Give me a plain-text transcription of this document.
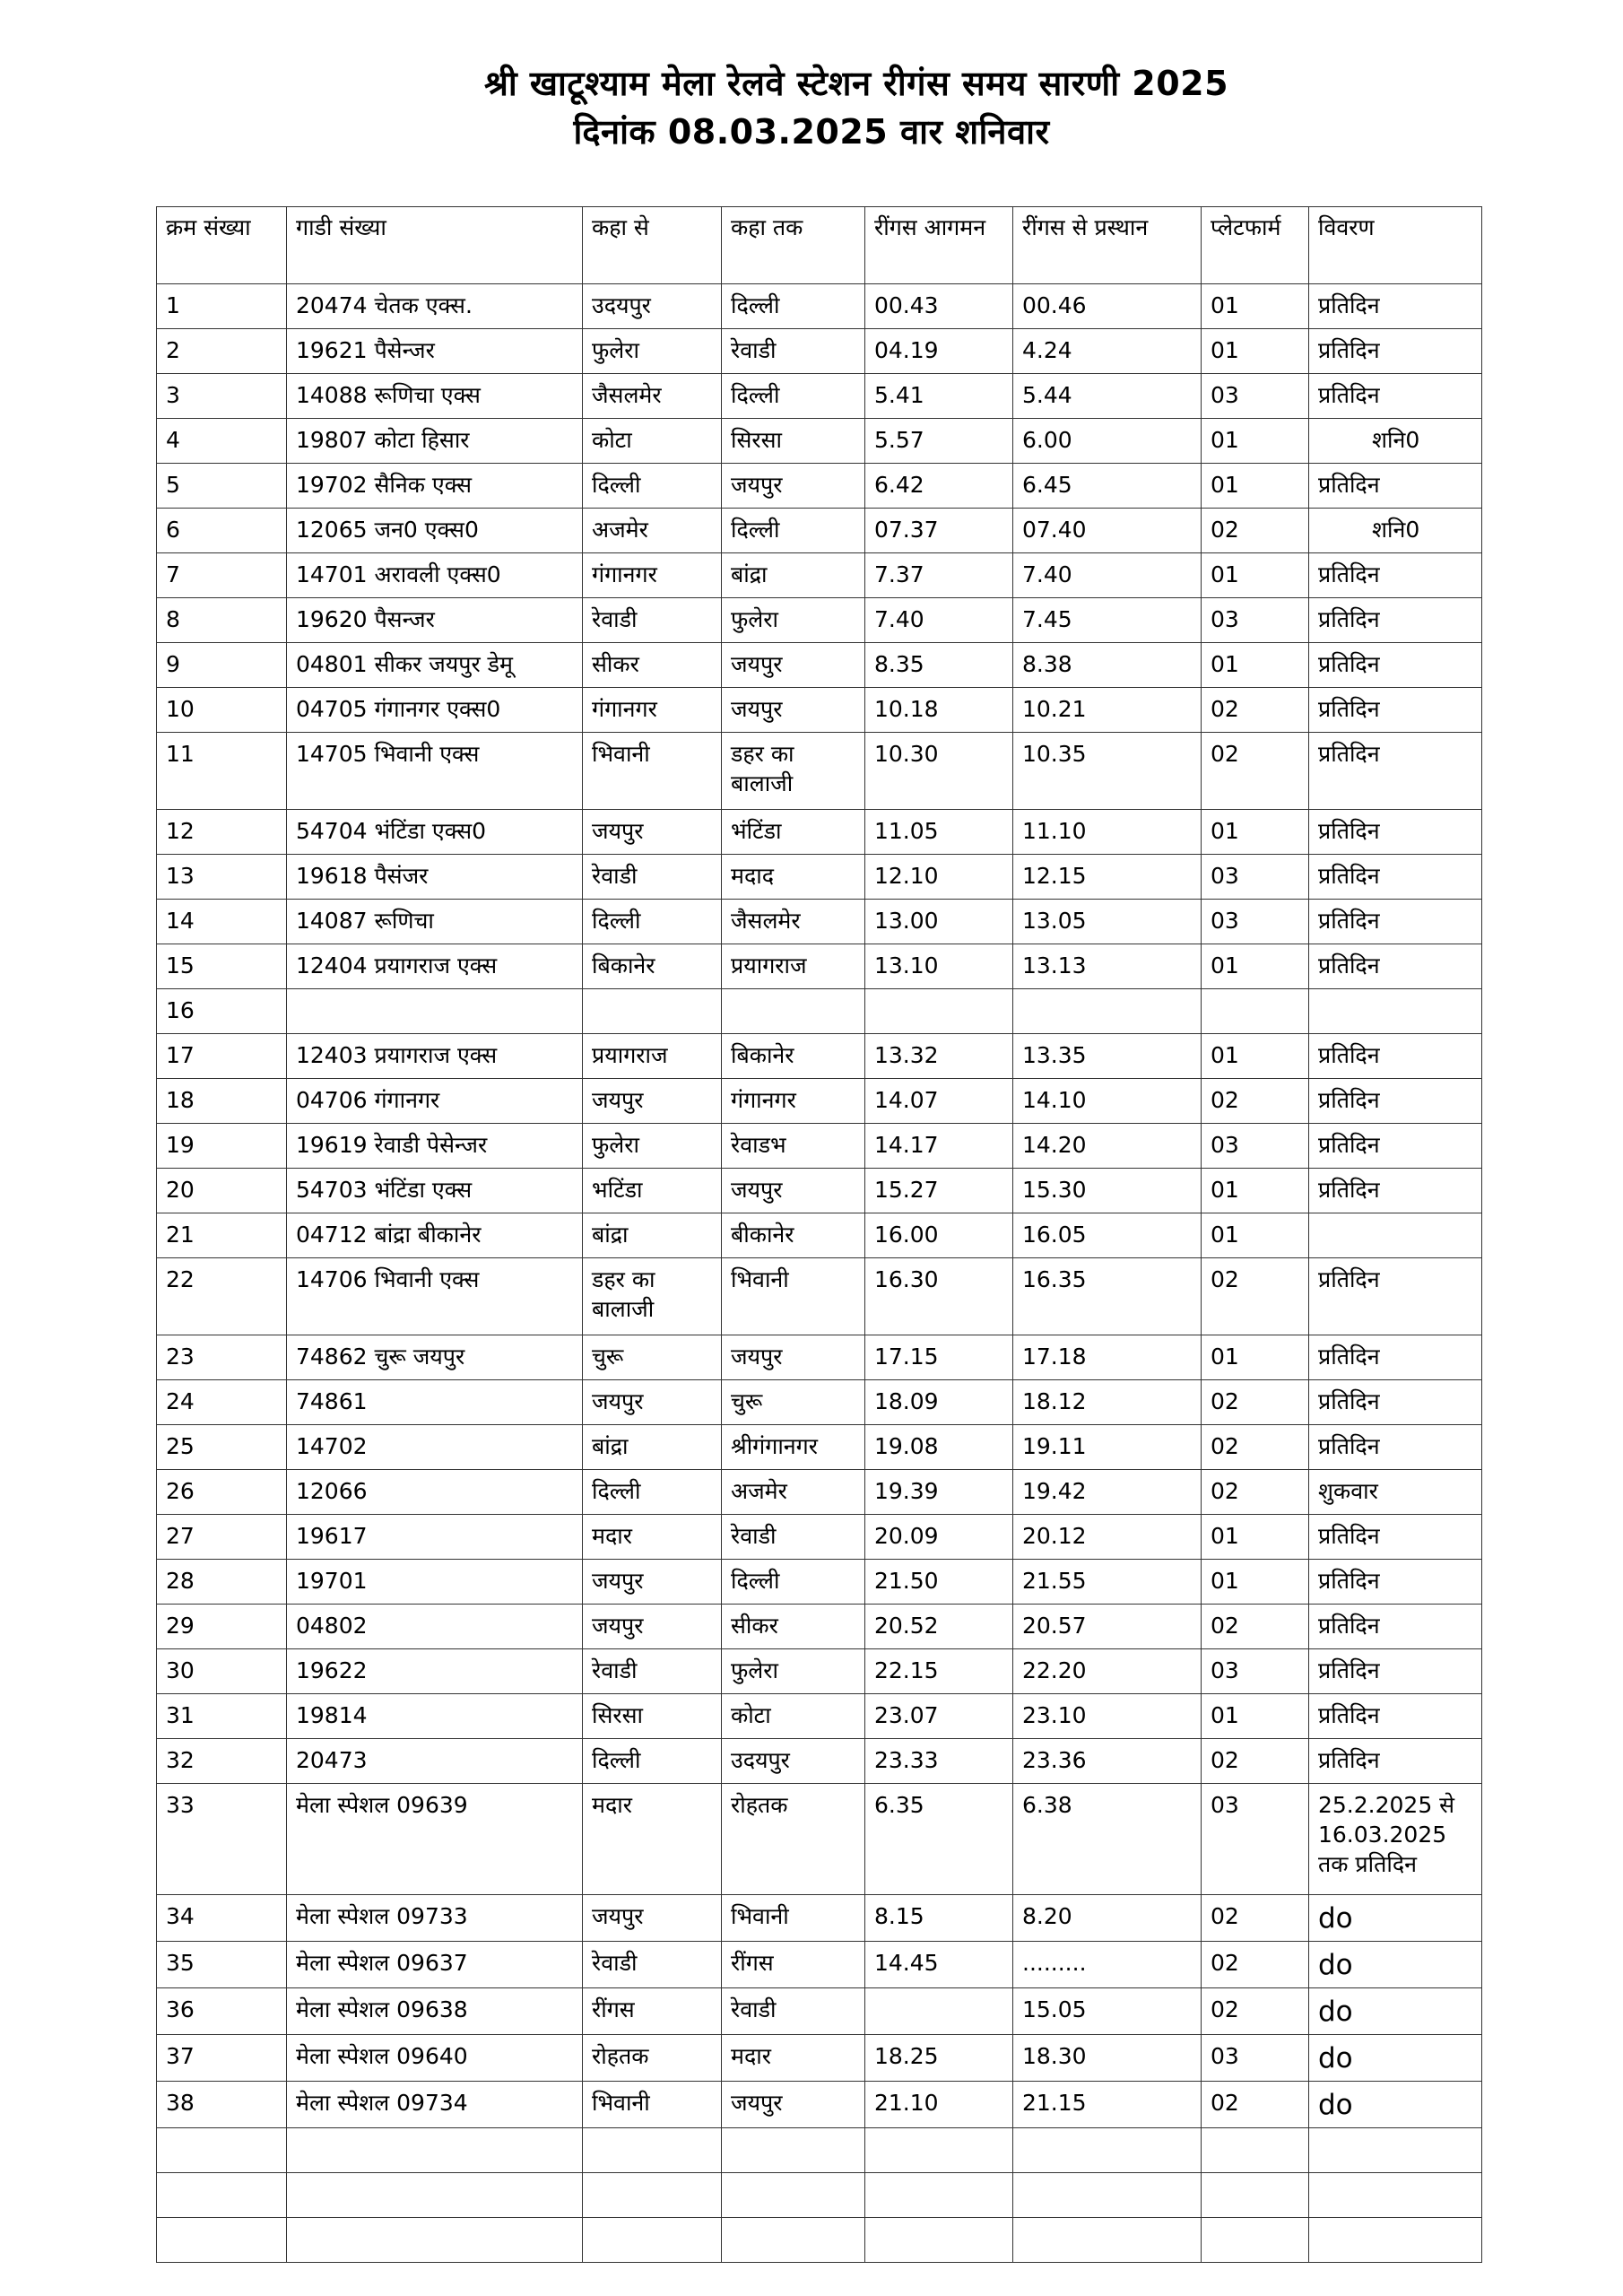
श्री खाटूश्याम मेला रेलवे स्टेशन रीगंस समय सारणी 2025
दिनांक 08.03.2025 वार शनिवार
क्रम संख्या	गाडी संख्या	कहा से	कहा तक	रींगस आगमन	रींगस से प्रस्थान	प्लेटफार्म	विवरण
1	20474 चेतक एक्स.	उदयपुर	दिल्ली	00.43	00.46	01	प्रतिदिन
2	19621 पैसेन्जर	फुलेरा	रेवाडी	04.19	4.24	01	प्रतिदिन
3	14088 रूणिचा एक्स	जैसलमेर	दिल्ली	5.41	5.44	03	प्रतिदिन
4	19807 कोटा हिसार	कोटा	सिरसा	5.57	6.00	01	शनि0
5	19702 सैनिक एक्स	दिल्ली	जयपुर	6.42	6.45	01	प्रतिदिन
6	12065 जन0 एक्स0	अजमेर	दिल्ली	07.37	07.40	02	शनि0
7	14701 अरावली एक्स0	गंगानगर	बांद्रा	7.37	7.40	01	प्रतिदिन
8	19620 पैसन्जर	रेवाडी	फुलेरा	7.40	7.45	03	प्रतिदिन
9	04801 सीकर जयपुर डेमू	सीकर	जयपुर	8.35	8.38	01	प्रतिदिन
10	04705 गंगानगर एक्स0	गंगानगर	जयपुर	10.18	10.21	02	प्रतिदिन
11	14705 भिवानी एक्स	भिवानी	डहर का बालाजी	10.30	10.35	02	प्रतिदिन
12	54704 भंटिंडा एक्स0	जयपुर	भंटिंडा	11.05	11.10	01	प्रतिदिन
13	19618 पैसंजर	रेवाडी	मदाद	12.10	12.15	03	प्रतिदिन
14	14087 रूणिचा	दिल्ली	जैसलमेर	13.00	13.05	03	प्रतिदिन
15	12404 प्रयागराज एक्स	बिकानेर	प्रयागराज	13.10	13.13	01	प्रतिदिन
16							
17	12403 प्रयागराज एक्स	प्रयागराज	बिकानेर	13.32	13.35	01	प्रतिदिन
18	04706 गंगानगर	जयपुर	गंगानगर	14.07	14.10	02	प्रतिदिन
19	19619 रेवाडी पेसेन्जर	फुलेरा	रेवाडभ	14.17	14.20	03	प्रतिदिन
20	54703 भंटिंडा एक्स	भटिंडा	जयपुर	15.27	15.30	01	प्रतिदिन
21	04712 बांद्रा बीकानेर	बांद्रा	बीकानेर	16.00	16.05	01	
22	14706 भिवानी एक्स	डहर का बालाजी	भिवानी	16.30	16.35	02	प्रतिदिन
23	74862 चुरू जयपुर	चुरू	जयपुर	17.15	17.18	01	प्रतिदिन
24	74861	जयपुर	चुरू	18.09	18.12	02	प्रतिदिन
25	14702	बांद्रा	श्रीगंगानगर	19.08	19.11	02	प्रतिदिन
26	12066	दिल्ली	अजमेर	19.39	19.42	02	शुकवार
27	19617	मदार	रेवाडी	20.09	20.12	01	प्रतिदिन
28	19701	जयपुर	दिल्ली	21.50	21.55	01	प्रतिदिन
29	04802	जयपुर	सीकर	20.52	20.57	02	प्रतिदिन
30	19622	रेवाडी	फुलेरा	22.15	22.20	03	प्रतिदिन
31	19814	सिरसा	कोटा	23.07	23.10	01	प्रतिदिन
32	20473	दिल्ली	उदयपुर	23.33	23.36	02	प्रतिदिन
33	मेला स्पेशल 09639	मदार	रोहतक	6.35	6.38	03	25.2.2025 से 16.03.2025 तक प्रतिदिन
34	मेला स्पेशल 09733	जयपुर	भिवानी	8.15	8.20	02	do
35	मेला स्पेशल 09637	रेवाडी	रींगस	14.45	.........	02	do
36	मेला स्पेशल 09638	रींगस	रेवाडी		15.05	02	do
37	मेला स्पेशल 09640	रोहतक	मदार	18.25	18.30	03	do
38	मेला स्पेशल 09734	भिवानी	जयपुर	21.10	21.15	02	do
